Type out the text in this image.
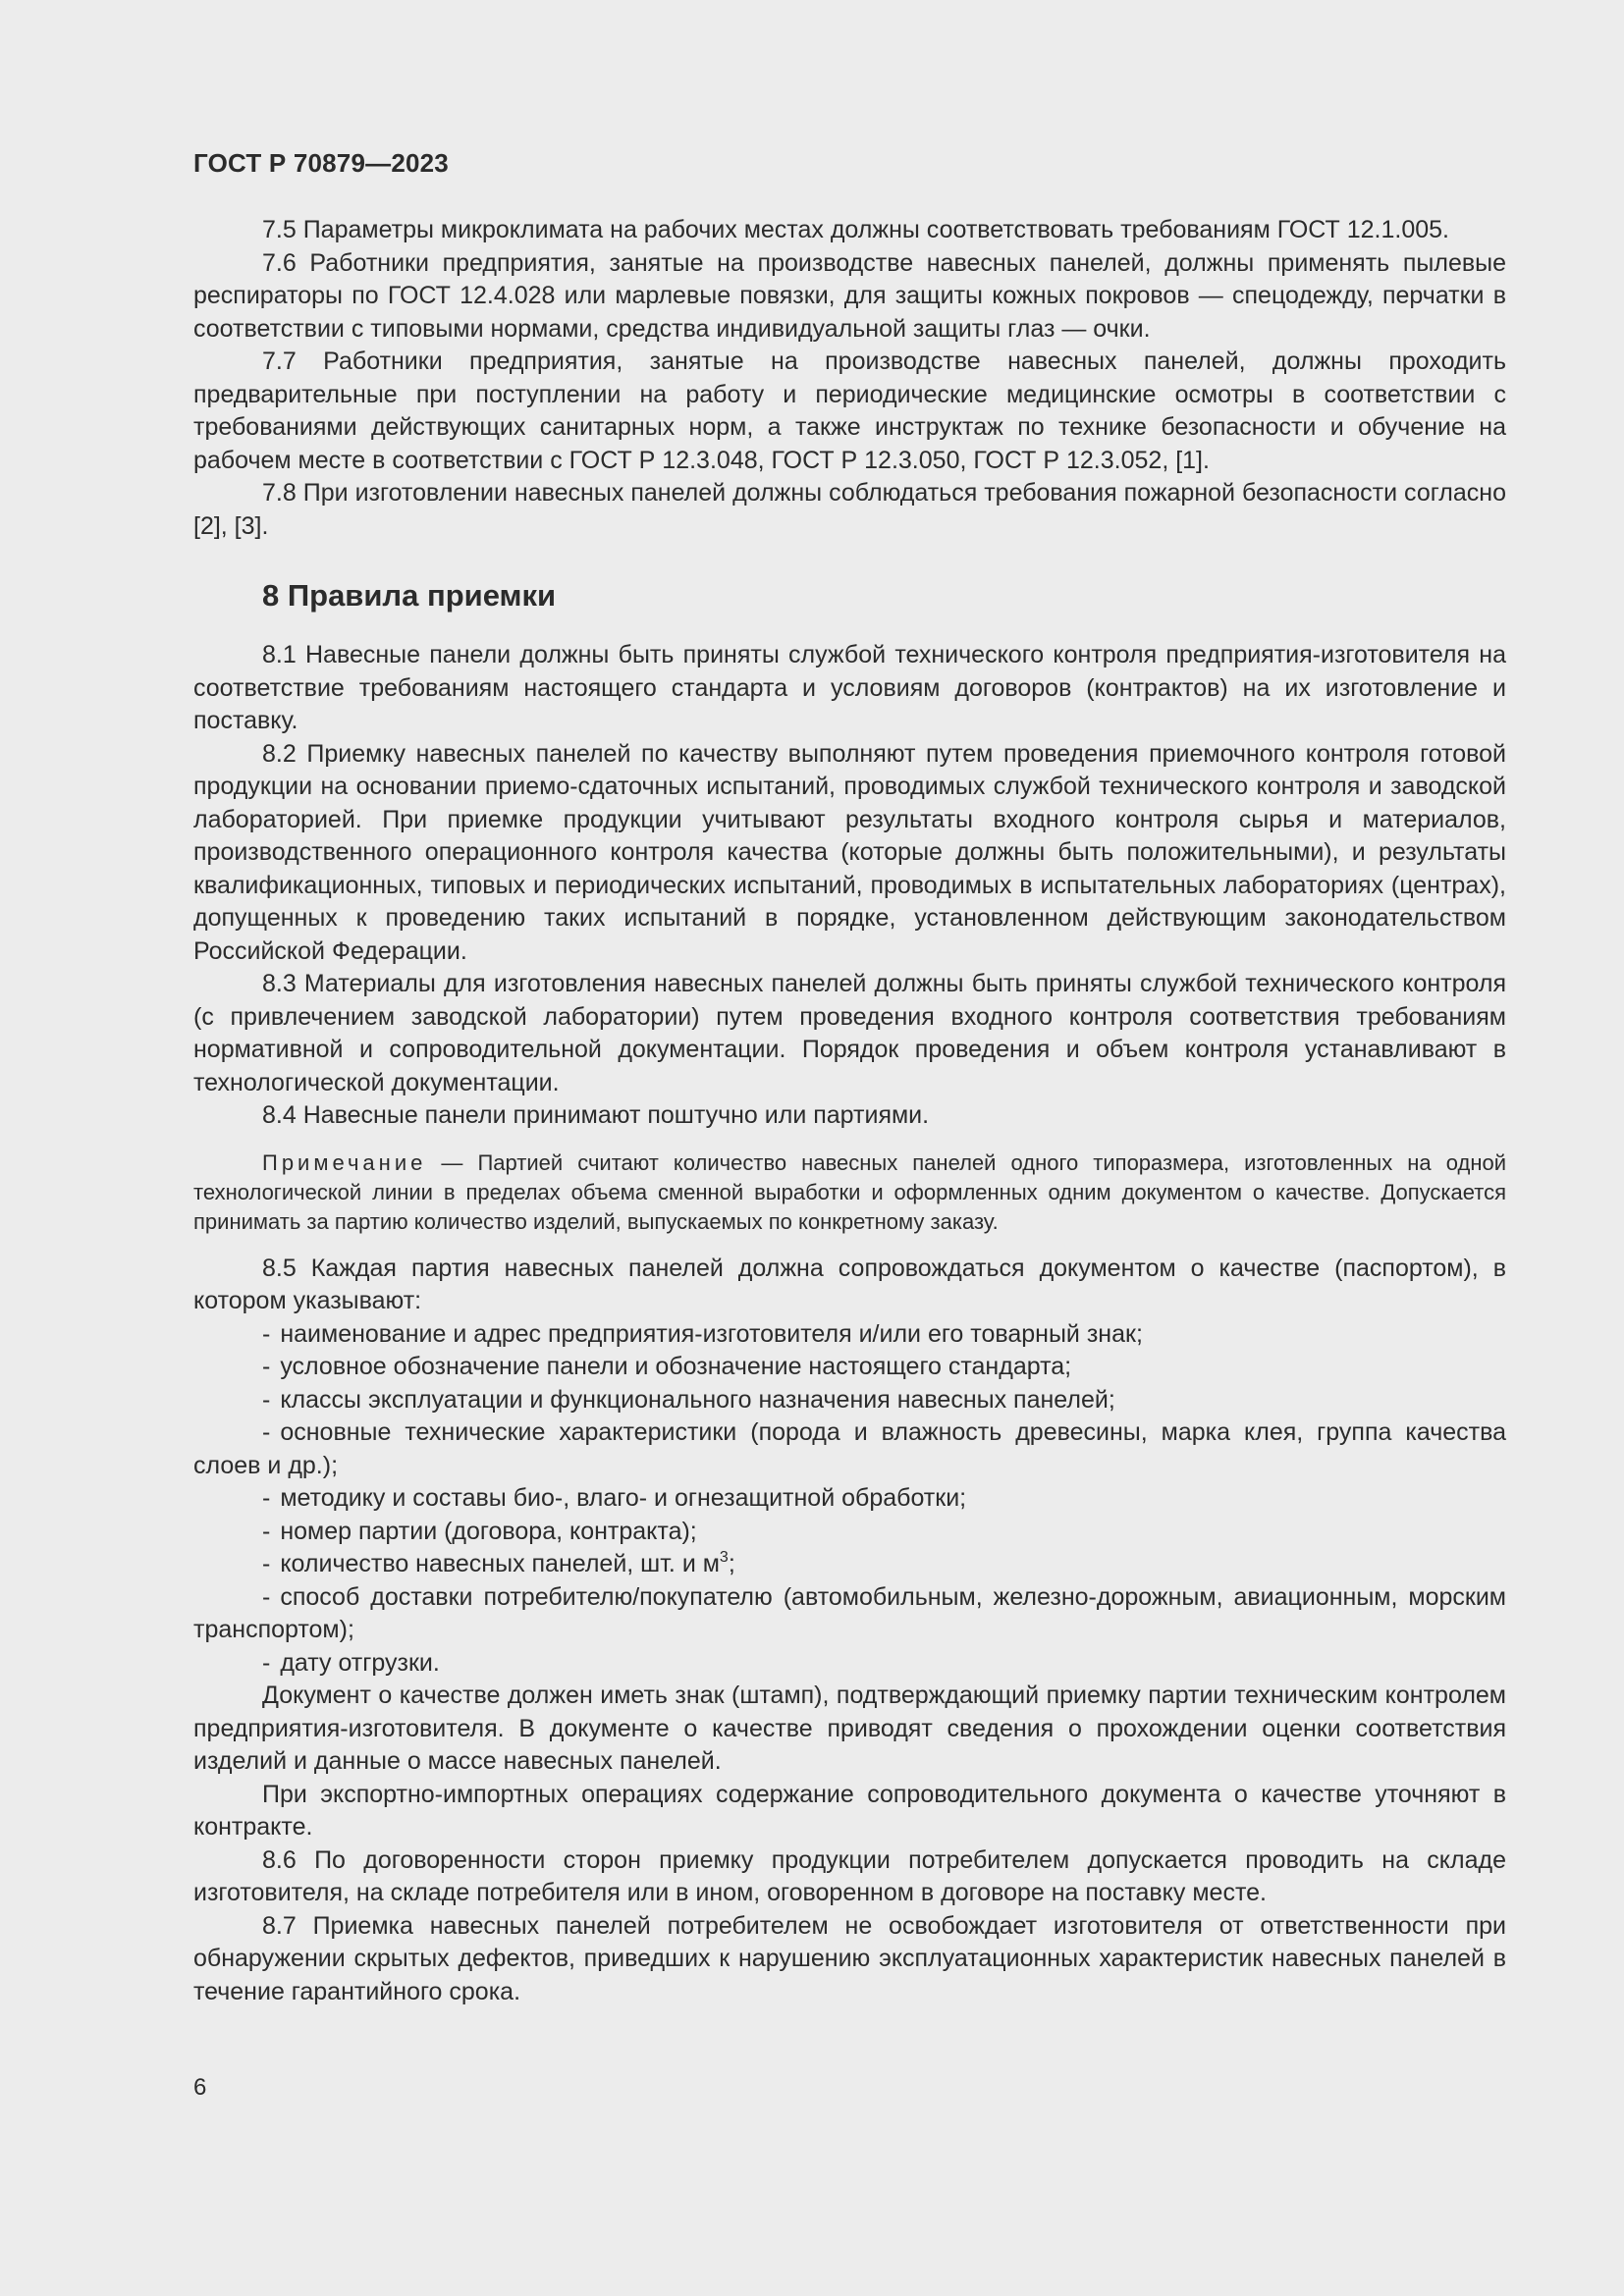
ГОСТ Р 70879—2023

7.5 Параметры микроклимата на рабочих местах должны соответствовать требованиям ГОСТ 12.1.005.

7.6 Работники предприятия, занятые на производстве навесных панелей, должны применять пылевые респираторы по ГОСТ 12.4.028 или марлевые повязки, для защиты кожных покровов — спецодежду, перчатки в соответствии с типовыми нормами, средства индивидуальной защиты глаз — очки.

7.7 Работники предприятия, занятые на производстве навесных панелей, должны проходить предварительные при поступлении на работу и периодические медицинские осмотры в соответствии с требованиями действующих санитарных норм, а также инструктаж по технике безопасности и обучение на рабочем месте в соответствии с ГОСТ Р 12.3.048, ГОСТ Р 12.3.050, ГОСТ Р 12.3.052, [1].

7.8 При изготовлении навесных панелей должны соблюдаться требования пожарной безопасности согласно [2], [3].

8 Правила приемки

8.1 Навесные панели должны быть приняты службой технического контроля предприятия-изготовителя на соответствие требованиям настоящего стандарта и условиям договоров (контрактов) на их изготовление и поставку.

8.2 Приемку навесных панелей по качеству выполняют путем проведения приемочного контроля готовой продукции на основании приемо-сдаточных испытаний, проводимых службой технического контроля и заводской лабораторией. При приемке продукции учитывают результаты входного контроля сырья и материалов, производственного операционного контроля качества (которые должны быть положительными), и результаты квалификационных, типовых и периодических испытаний, проводимых в испытательных лабораториях (центрах), допущенных к проведению таких испытаний в порядке, установленном действующим законодательством Российской Федерации.

8.3 Материалы для изготовления навесных панелей должны быть приняты службой технического контроля (с привлечением заводской лаборатории) путем проведения входного контроля соответствия требованиям нормативной и сопроводительной документации. Порядок проведения и объем контроля устанавливают в технологической документации.

8.4 Навесные панели принимают поштучно или партиями.

Примечание — Партией считают количество навесных панелей одного типоразмера, изготовленных на одной технологической линии в пределах объема сменной выработки и оформленных одним документом о качестве. Допускается принимать за партию количество изделий, выпускаемых по конкретному заказу.

8.5 Каждая партия навесных панелей должна сопровождаться документом о качестве (паспортом), в котором указывают:

- наименование и адрес предприятия-изготовителя и/или его товарный знак;

- условное обозначение панели и обозначение настоящего стандарта;

- классы эксплуатации и функционального назначения навесных панелей;

- основные технические характеристики (порода и влажность древесины, марка клея, группа качества слоев и др.);

- методику и составы био-, влаго- и огнезащитной обработки;

- номер партии (договора, контракта);

- количество навесных панелей, шт. и $м^3$;

- способ доставки потребителю/покупателю (автомобильным, железно-дорожным, авиационным, морским транспортом);

- дату отгрузки.

Документ о качестве должен иметь знак (штамп), подтверждающий приемку партии техническим контролем предприятия-изготовителя. В документе о качестве приводят сведения о прохождении оценки соответствия изделий и данные о массе навесных панелей.

При экспортно-импортных операциях содержание сопроводительного документа о качестве уточняют в контракте.

8.6 По договоренности сторон приемку продукции потребителем допускается проводить на складе изготовителя, на складе потребителя или в ином, оговоренном в договоре на поставку месте.

8.7 Приемка навесных панелей потребителем не освобождает изготовителя от ответственности при обнаружении скрытых дефектов, приведших к нарушению эксплуатационных характеристик навесных панелей в течение гарантийного срока.

6
